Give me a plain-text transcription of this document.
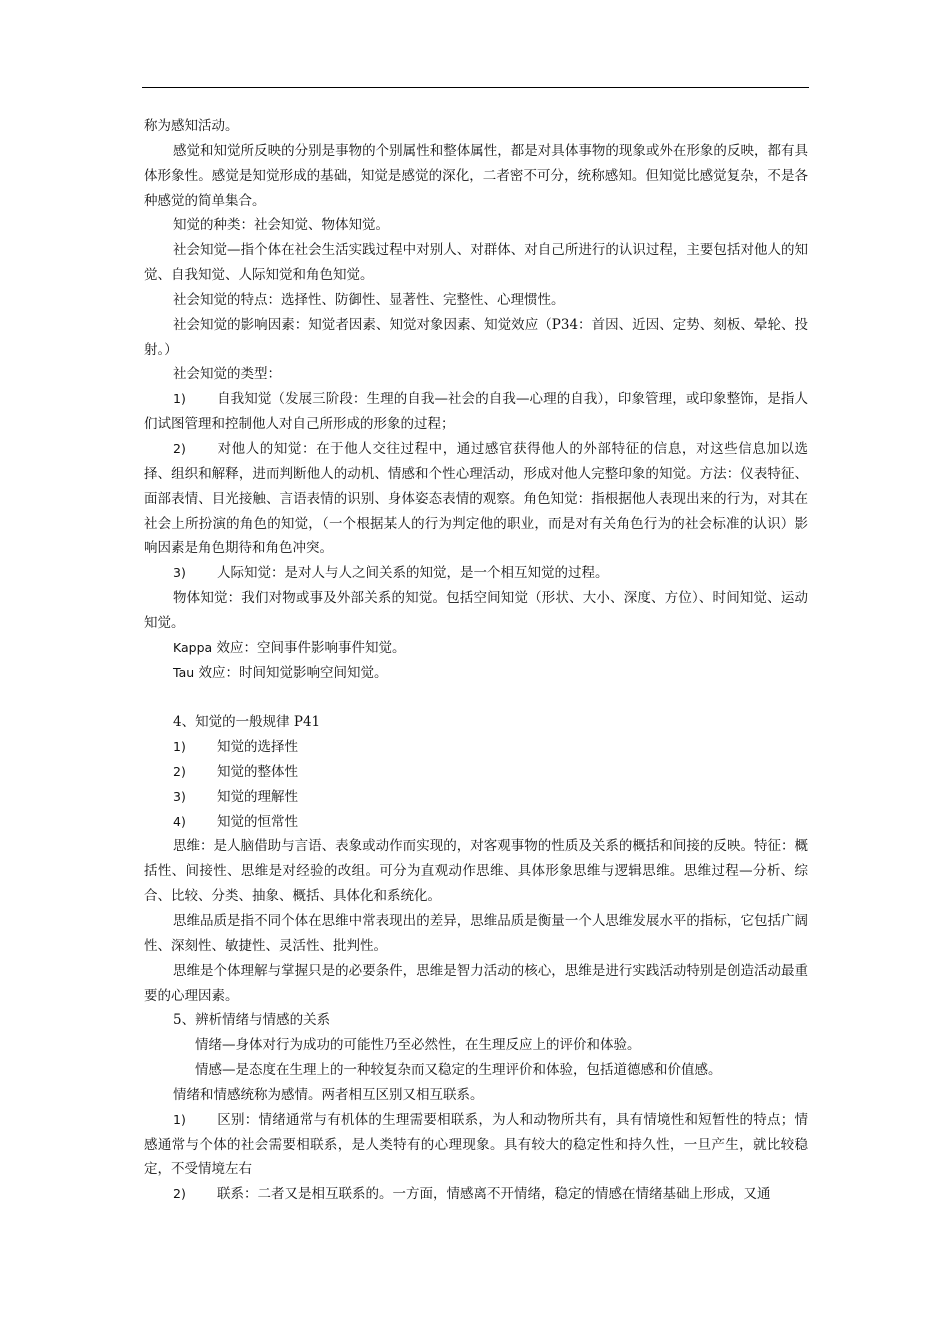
称为感知活动。

感觉和知觉所反映的分别是事物的个别属性和整体属性，都是对具体事物的现象或外在形象的反映，都有具体形象性。感觉是知觉形成的基础，知觉是感觉的深化，二者密不可分，统称感知。但知觉比感觉复杂，不是各种感觉的简单集合。

知觉的种类：社会知觉、物体知觉。

社会知觉—指个体在社会生活实践过程中对别人、对群体、对自己所进行的认识过程，主要包括对他人的知觉、自我知觉、人际知觉和角色知觉。

社会知觉的特点：选择性、防御性、显著性、完整性、心理惯性。

社会知觉的影响因素：知觉者因素、知觉对象因素、知觉效应（P34：首因、近因、定势、刻板、晕轮、投射。）

社会知觉的类型：

1) 自我知觉（发展三阶段：生理的自我—社会的自我—心理的自我），印象管理，或印象整饰，是指人们试图管理和控制他人对自己所形成的形象的过程；

2) 对他人的知觉：在于他人交往过程中，通过感官获得他人的外部特征的信息，对这些信息加以选择、组织和解释，进而判断他人的动机、情感和个性心理活动，形成对他人完整印象的知觉。方法：仪表特征、面部表情、目光接触、言语表情的识别、身体姿态表情的观察。角色知觉：指根据他人表现出来的行为，对其在社会上所扮演的角色的知觉，（一个根据某人的行为判定他的职业，而是对有关角色行为的社会标准的认识）影响因素是角色期待和角色冲突。

3) 人际知觉：是对人与人之间关系的知觉，是一个相互知觉的过程。

物体知觉：我们对物或事及外部关系的知觉。包括空间知觉（形状、大小、深度、方位）、时间知觉、运动知觉。

Kappa 效应：空间事件影响事件知觉。

Tau 效应：时间知觉影响空间知觉。

4、知觉的一般规律 P41

1) 知觉的选择性

2) 知觉的整体性

3) 知觉的理解性

4) 知觉的恒常性

思维：是人脑借助与言语、表象或动作而实现的，对客观事物的性质及关系的概括和间接的反映。特征：概括性、间接性、思维是对经验的改组。可分为直观动作思维、具体形象思维与逻辑思维。思维过程—分析、综合、比较、分类、抽象、概括、具体化和系统化。

思维品质是指不同个体在思维中常表现出的差异，思维品质是衡量一个人思维发展水平的指标，它包括广阔性、深刻性、敏捷性、灵活性、批判性。

思维是个体理解与掌握只是的必要条件，思维是智力活动的核心，思维是进行实践活动特别是创造活动最重要的心理因素。

5、辨析情绪与情感的关系

情绪—身体对行为成功的可能性乃至必然性，在生理反应上的评价和体验。

情感—是态度在生理上的一种较复杂而又稳定的生理评价和体验，包括道德感和价值感。

情绪和情感统称为感情。两者相互区别又相互联系。

1) 区别：情绪通常与有机体的生理需要相联系，为人和动物所共有，具有情境性和短暂性的特点；情感通常与个体的社会需要相联系，是人类特有的心理现象。具有较大的稳定性和持久性，一旦产生，就比较稳定，不受情境左右

2) 联系：二者又是相互联系的。一方面，情感离不开情绪，稳定的情感在情绪基础上形成，又通
